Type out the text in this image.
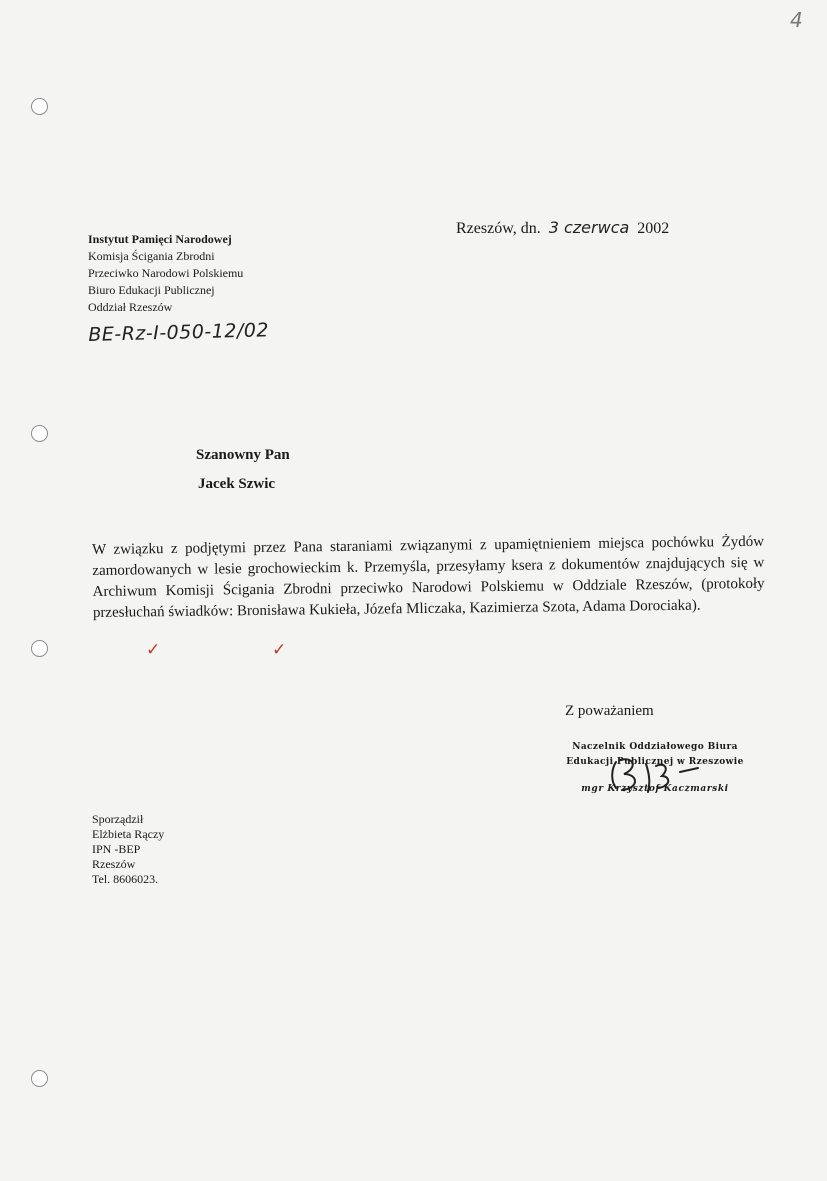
4
Instytut Pamięci Narodowej
Komisja Ścigania Zbrodni
Przeciwko Narodowi Polskiemu
Biuro Edukacji Publicznej
Oddział Rzeszów
BE-Rz-I-050-12/02
Rzeszów, dn. 3 czerwca 2002
Szanowny Pan
Jacek Szwic
W związku z podjętymi przez Pana staraniami związanymi z upamiętnieniem miejsca pochówku Żydów zamordowanych w lesie grochowieckim k. Przemyśla, przesyłamy ksera z dokumentów znajdujących się w Archiwum Komisji Ścigania Zbrodni przeciwko Narodowi Polskiemu w Oddziale Rzeszów, (protokoły przesłuchań świadków: Bronisława Kukieła, Józefa Mliczaka, Kazimierza Szota, Adama Dorociaka).
✓	✓
Z poważaniem
Naczelnik Oddziałowego Biura
Edukacji Publicznej w Rzeszowie
mgr Krzysztof Kaczmarski
Sporządził
Elżbieta Rączy
IPN -BEP
Rzeszów
Tel. 8606023.
